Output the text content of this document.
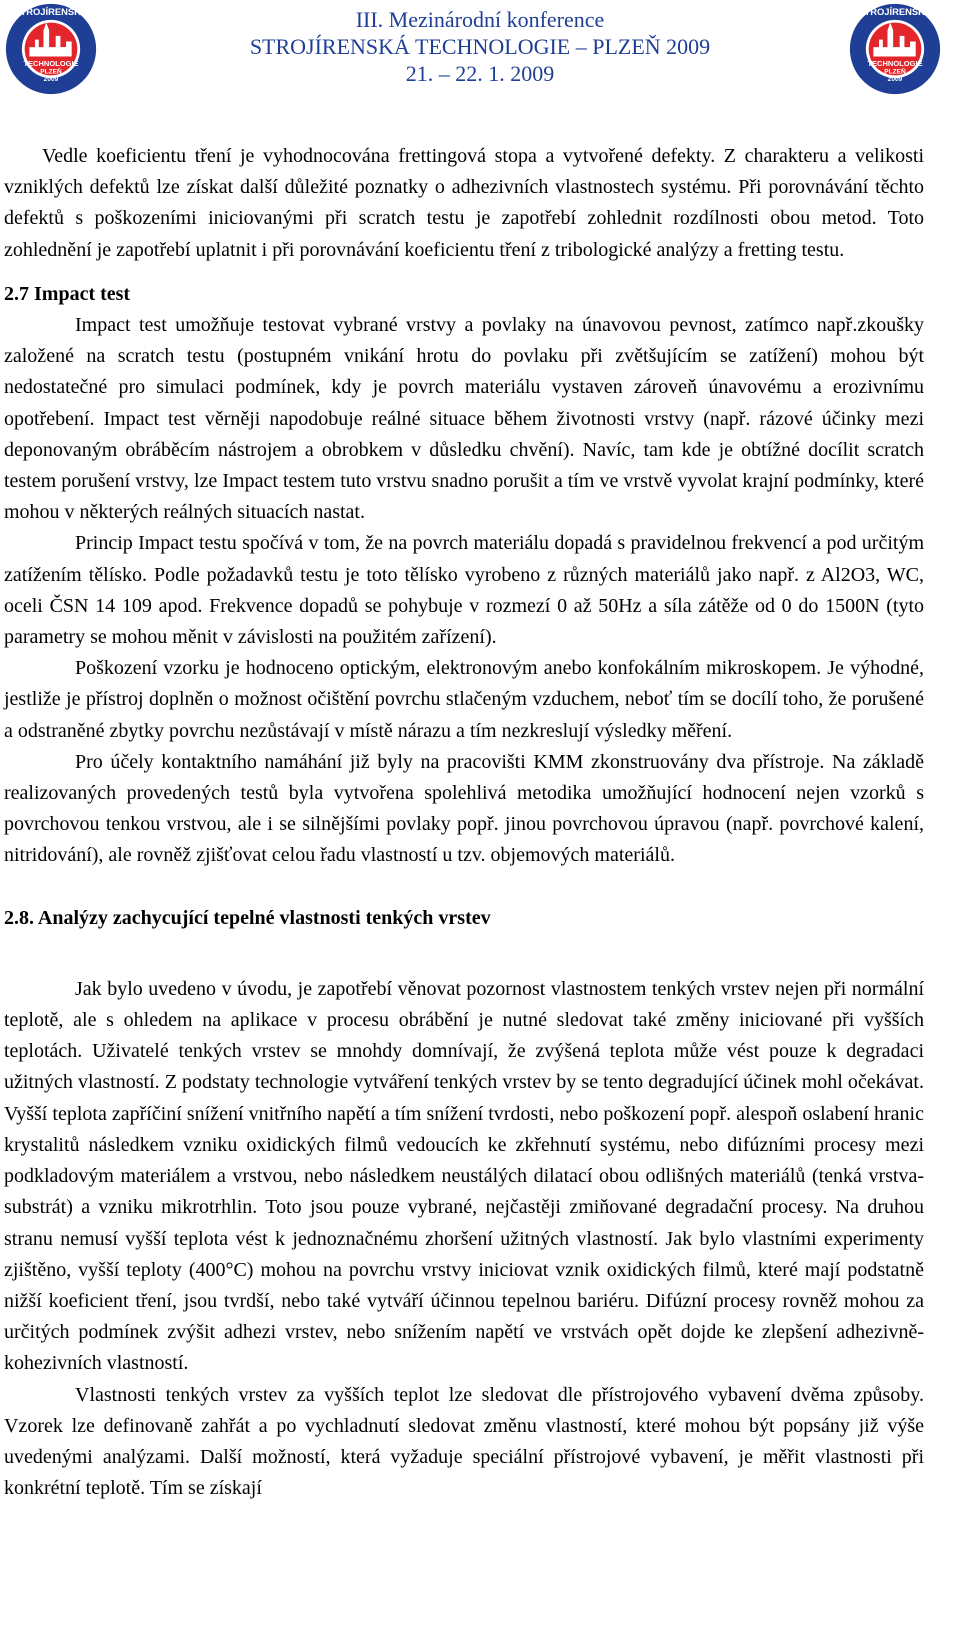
TECHNOLOGIE
PLZEŇ
2009
STROJÍRENSKÁ	III. Mezinárodní konference
STROJÍRENSKÁ TECHNOLOGIE – PLZEŇ 2009
21. – 22. 1. 2009	TECHNOLOGIE
PLZEŇ
2009
STROJÍRENSKÁ

Vedle koeficientu tření je vyhodnocována frettingová stopa a vytvořené defekty. Z charakteru a velikosti vzniklých defektů lze získat další důležité poznatky o adhezivních vlastnostech systému. Při porovnávání těchto defektů s poškozeními iniciovanými při scratch testu je zapotřebí zohlednit rozdílnosti obou metod. Toto zohlednění je zapotřebí uplatnit i při porovnávání koeficientu tření z tribologické analýzy a fretting testu.

2.7 Impact test

Impact test umožňuje testovat vybrané vrstvy a povlaky na únavovou pevnost, zatímco např.zkoušky založené na scratch testu (postupném vnikání hrotu do povlaku při zvětšujícím se zatížení) mohou být nedostatečné pro simulaci podmínek, kdy je povrch materiálu vystaven zároveň únavovému a erozivnímu opotřebení. Impact test věrněji napodobuje reálné situace během životnosti vrstvy (např. rázové účinky mezi deponovaným obráběcím nástrojem a obrobkem v důsledku chvění). Navíc, tam kde je obtížné docílit scratch testem porušení vrstvy, lze Impact testem tuto vrstvu snadno porušit a tím ve vrstvě vyvolat krajní podmínky, které mohou v některých reálných situacích nastat.

Princip Impact testu spočívá v tom, že na povrch materiálu dopadá s pravidelnou frekvencí a pod určitým zatížením tělísko. Podle požadavků testu je toto tělísko vyrobeno z různých materiálů jako např. z Al2O3, WC, oceli ČSN 14 109 apod. Frekvence dopadů se pohybuje v rozmezí 0 až 50Hz a síla zátěže od 0 do 1500N (tyto parametry se mohou měnit v závislosti na použitém zařízení).

Poškození vzorku je hodnoceno optickým, elektronovým anebo konfokálním mikroskopem. Je výhodné, jestliže je přístroj doplněn o možnost očištění povrchu stlačeným vzduchem, neboť tím se docílí toho, že porušené a odstraněné zbytky povrchu nezůstávají v místě nárazu a tím nezkreslují výsledky měření.

Pro účely kontaktního namáhání již byly na pracovišti KMM zkonstruovány dva přístroje. Na základě realizovaných provedených testů byla vytvořena spolehlivá metodika umožňující hodnocení nejen vzorků s povrchovou tenkou vrstvou, ale i se silnějšími povlaky popř. jinou povrchovou úpravou (např. povrchové kalení, nitridování), ale rovněž zjišťovat celou řadu vlastností u tzv. objemových materiálů.

2.8. Analýzy zachycující tepelné vlastnosti tenkých vrstev

Jak bylo uvedeno v úvodu, je zapotřebí věnovat pozornost vlastnostem tenkých vrstev nejen při normální teplotě, ale s ohledem na aplikace v procesu obrábění je nutné sledovat také změny iniciované při vyšších teplotách. Uživatelé tenkých vrstev se mnohdy domnívají, že zvýšená teplota může vést pouze k degradaci užitných vlastností. Z podstaty technologie vytváření tenkých vrstev by se tento degradující účinek mohl očekávat. Vyšší teplota zapříčiní snížení vnitřního napětí a tím snížení tvrdosti, nebo poškození popř. alespoň oslabení hranic krystalitů následkem vzniku oxidických filmů vedoucích ke zkřehnutí systému, nebo difúzními procesy mezi podkladovým materiálem a vrstvou, nebo následkem neustálých dilatací obou odlišných materiálů (tenká vrstva-substrát) a vzniku mikrotrhlin. Toto jsou pouze vybrané, nejčastěji zmiňované degradační procesy. Na druhou stranu nemusí vyšší teplota vést k jednoznačnému zhoršení užitných vlastností. Jak bylo vlastními experimenty zjištěno, vyšší teploty (400°C) mohou na povrchu vrstvy iniciovat vznik oxidických filmů, které mají podstatně nižší koeficient tření, jsou tvrdší, nebo také vytváří účinnou tepelnou bariéru. Difúzní procesy rovněž mohou za určitých podmínek zvýšit adhezi vrstev, nebo snížením napětí ve vrstvách opět dojde ke zlepšení adhezivně-kohezivních vlastností.

Vlastnosti tenkých vrstev za vyšších teplot lze sledovat dle přístrojového vybavení dvěma způsoby. Vzorek lze definovaně zahřát a po vychladnutí sledovat změnu vlastností, které mohou být popsány již výše uvedenými analýzami. Další možností, která vyžaduje speciální přístrojové vybavení, je měřit vlastnosti při konkrétní teplotě. Tím se získají
